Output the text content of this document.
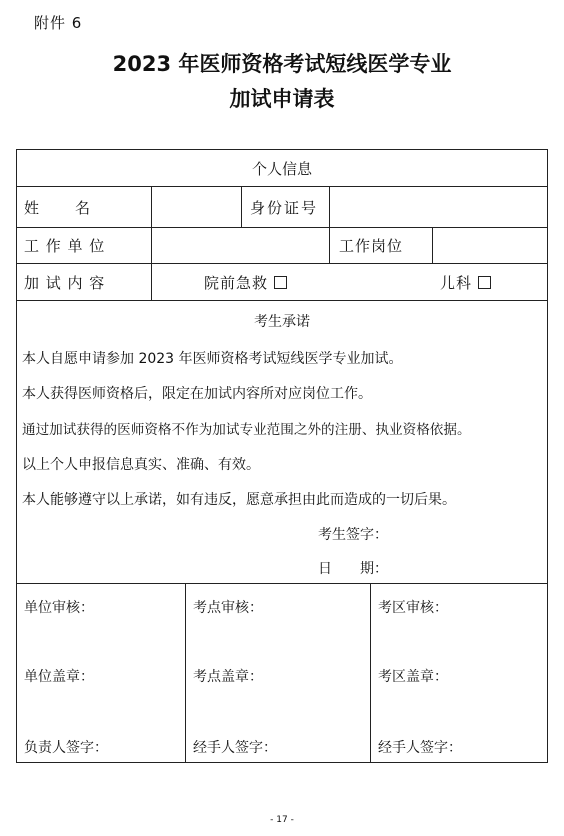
附件 6
2023 年医师资格考试短线医学专业
加试申请表
个人信息
姓　　名	身份证号
工 作 单 位	工作岗位
加 试 内 容	院前急救	儿科
考生承诺
本人自愿申请参加 2023 年医师资格考试短线医学专业加试。
本人获得医师资格后，限定在加试内容所对应岗位工作。
通过加试获得的医师资格不作为加试专业范围之外的注册、执业资格依据。
以上个人申报信息真实、准确、有效。
本人能够遵守以上承诺，如有违反，愿意承担由此而造成的一切后果。
考生签字：
日　　期：
单位审核：	考点审核：	考区审核：
单位盖章：	考点盖章：	考区盖章：
负责人签字：	经手人签字：	经手人签字：
- 17 -
